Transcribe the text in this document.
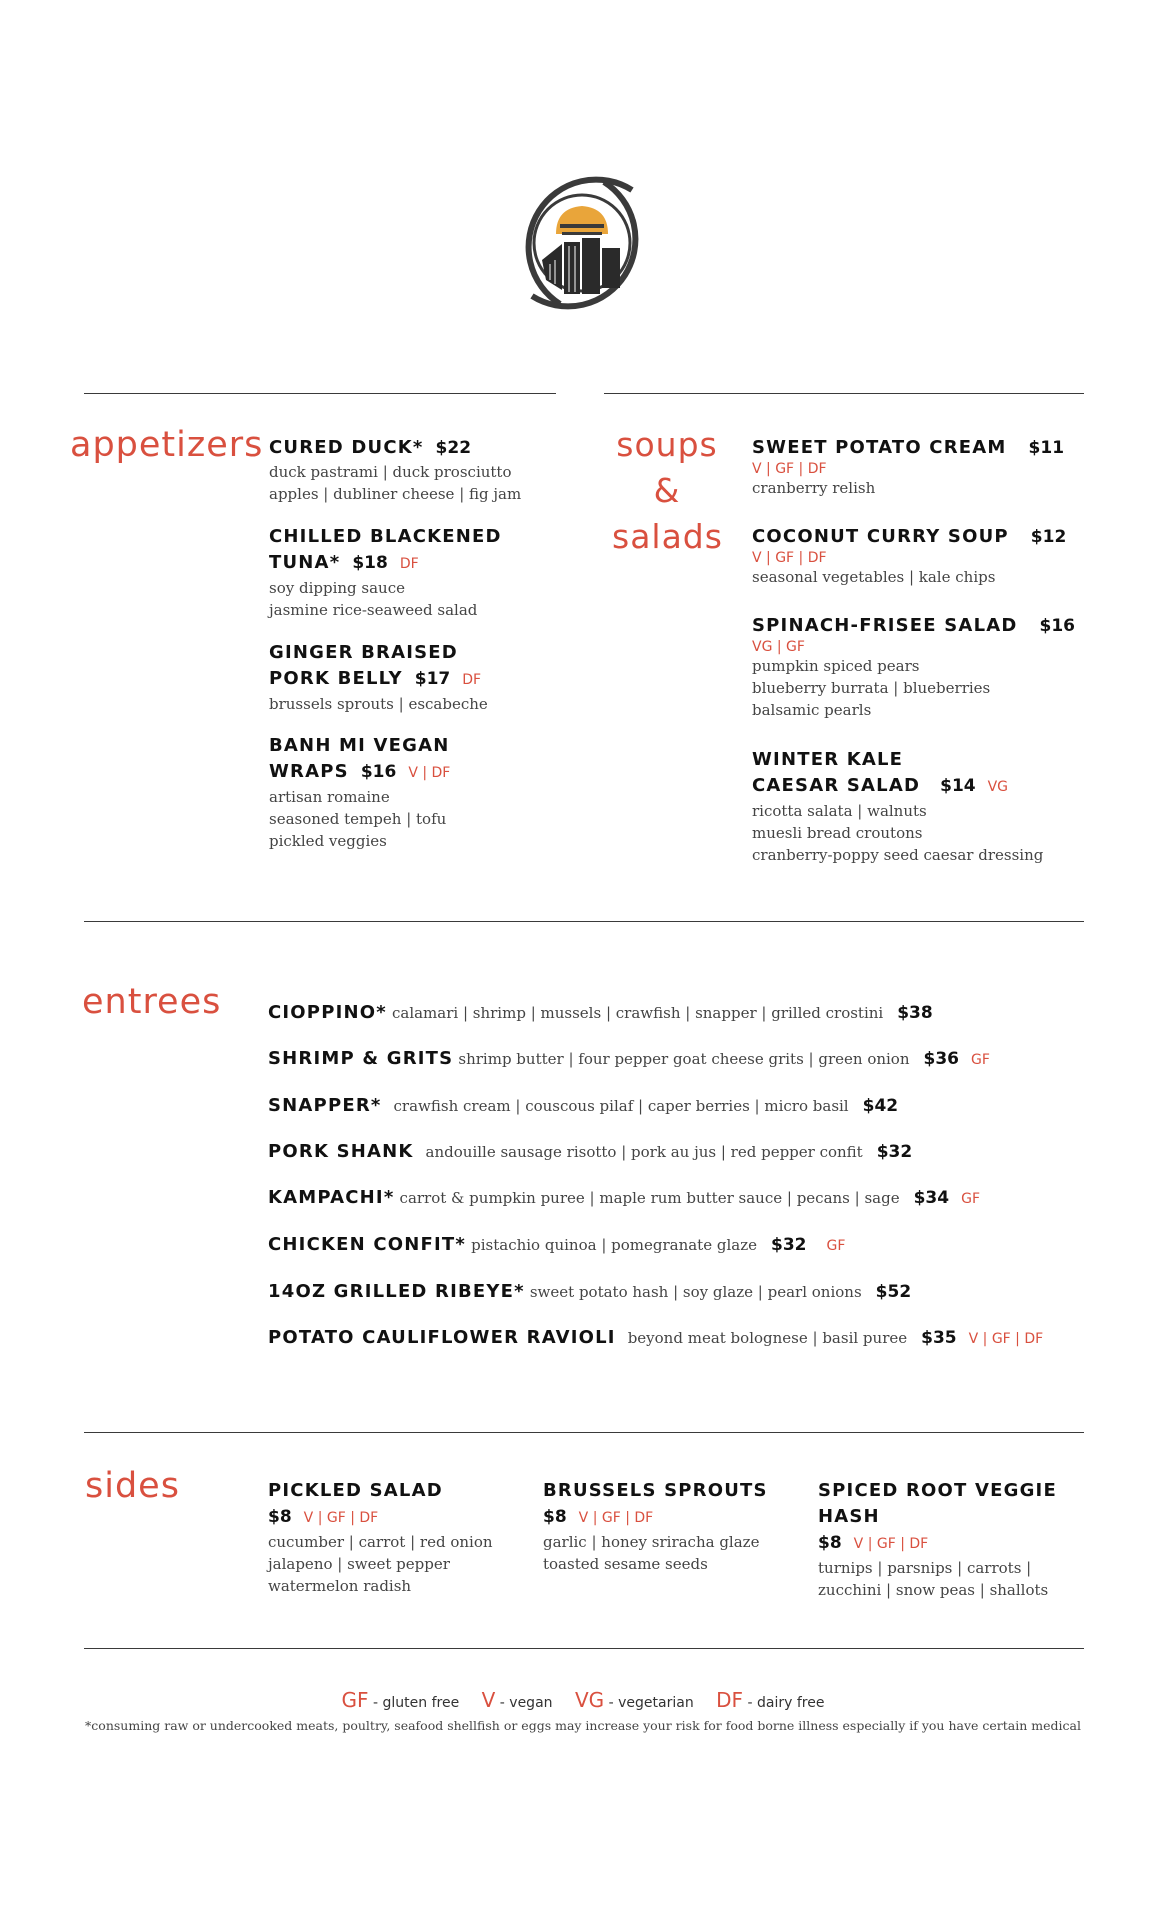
appetizers CURED DUCK* $22
duck pastrami | duck prosciutto
apples | dubliner cheese | fig jam
CHILLED BLACKENED
TUNA* $18 DF
soy dipping sauce
jasmine rice-seaweed salad
GINGER BRAISED
PORK BELLY $17 DF
brussels sprouts | escabeche
BANH MI VEGAN
WRAPS $16 V | DF
artisan romaine
seasoned tempeh | tofu
pickled veggies
soups
&
salads
SWEET POTATO CREAM $11
V | GF | DF
cranberry relish
COCONUT CURRY SOUP $12
V | GF | DF
seasonal vegetables | kale chips
SPINACH-FRISEE SALAD $16
VG | GF
pumpkin spiced pears
blueberry burrata | blueberries
balsamic pearls
WINTER KALE
CAESAR SALAD $14 VG
ricotta salata | walnuts
muesli bread croutons
cranberry-poppy seed caesar dressing
entrees	CIOPPINO* calamari | shrimp | mussels | crawfish | snapper | grilled crostini $38
SHRIMP & GRITS shrimp butter | four pepper goat cheese grits | green onion $36 GF
SNAPPER* crawfish cream | couscous pilaf | caper berries | micro basil $42
PORK SHANK andouille sausage risotto | pork au jus | red pepper confit $32
KAMPACHI* carrot & pumpkin puree | maple rum butter sauce | pecans | sage $34 GF
CHICKEN CONFIT* pistachio quinoa | pomegranate glaze $32 GF
14OZ GRILLED RIBEYE* sweet potato hash | soy glaze | pearl onions $52
POTATO CAULIFLOWER RAVIOLI beyond meat bolognese | basil puree $35 V | GF | DF
sides	PICKLED SALAD
$8 V | GF | DF
cucumber | carrot | red onion
jalapeno | sweet pepper
watermelon radish
BRUSSELS SPROUTS
$8 V | GF | DF
garlic | honey sriracha glaze
toasted sesame seeds
SPICED ROOT VEGGIE
HASH
$8 V | GF | DF
turnips | parsnips | carrots |
zucchini | snow peas | shallots
GF - gluten free V - vegan VG - vegetarian DF - dairy free
*consuming raw or undercooked meats, poultry, seafood shellfish or eggs may increase your risk for food borne illness especially if you have certain medical
